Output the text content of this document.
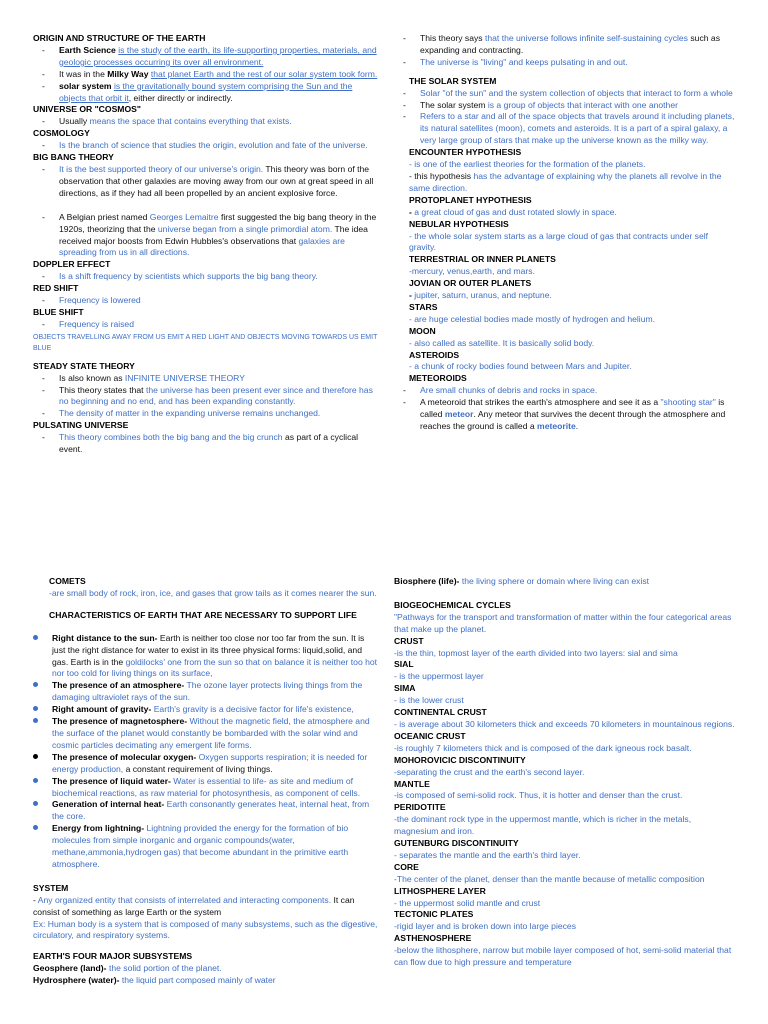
ORIGIN AND STRUCTURE OF THE EARTH
- Earth Science is the study of the earth, its life-supporting properties, materials, and geologic processes occurring its over all environment.
- It was in the Milky Way that planet Earth and the rest of our solar system took form.
- solar system is the gravitationally bound system comprising the Sun and the objects that orbit it, either directly or indirectly.
UNIVERSE OR "COSMOS"
- Usually means the space that contains everything that exists.
COSMOLOGY
- Is the branch of science that studies the origin, evolution and fate of the universe.
BIG BANG THEORY
- It is the best supported theory of our universe's origin. This theory was born of the observation that other galaxies are moving away from our own at great speed in all directions, as if they had all been propelled by an ancient explosive force.
- A Belgian priest named Georges Lemaitre first suggested the big bang theory in the 1920s, theorizing that the universe began from a single primordial atom. The idea received major boosts from Edwin Hubbles's observations that galaxies are spreading from us in all directions.
DOPPLER EFFECT
- Is a shift frequency by scientists which supports the big bang theory.
RED SHIFT
- Frequency is lowered
BLUE SHIFT
- Frequency is raised
OBJECTS TRAVELLING AWAY FROM US EMIT A RED LIGHT AND OBJECTS MOVING TOWARDS US EMIT BLUE
STEADY STATE THEORY
- Is also known as INFINITE UNIVERSE THEORY
- This theory states that the universe has been present ever since and therefore has no beginning and no end, and has been expanding constantly.
- The density of matter in the expanding universe remains unchanged.
PULSATING UNIVERSE
- This theory combines both the big bang and the big crunch as part of a cyclical event.
- This theory says that the universe follows infinite self-sustaining cycles such as expanding and contracting.
- The universe is "living" and keeps pulsating in and out.
THE SOLAR SYSTEM
- Solar "of the sun" and the system collection of objects that interact to form a whole
- The solar system is a group of objects that interact with one another
- Refers to a star and all of the space objects that travels around it including planets, its natural satellites (moon), comets and asteroids. It is a part of a spiral galaxy, a very large group of stars that make up the universe known as the milky way.
ENCOUNTER HYPOTHESIS
- is one of the earliest theories for the formation of the planets.
- this hypothesis has the advantage of explaining why the planets all revolve in the same direction.
PROTOPLANET HYPOTHESIS
- a great cloud of gas and dust rotated slowly in space.
NEBULAR HYPOTHESIS
- the whole solar system starts as a large cloud of gas that contracts under self gravity.
TERRESTRIAL OR INNER PLANETS
-mercury, venus,earth, and mars.
JOVIAN OR OUTER PLANETS
- jupiter, saturn, uranus, and neptune.
STARS
- are huge celestial bodies made mostly of hydrogen and helium.
MOON
- also called as satellite. It is basically solid body.
ASTEROIDS
- a chunk of rocky bodies found between Mars and Jupiter.
METEOROIDS
- Are small chunks of debris and rocks in space.
- A meteoroid that strikes the earth's atmosphere and see it as a "shooting star" is called meteor. Any meteor that survives the decent through the atmosphere and reaches the ground is called a meteorite.
COMETS
-are small body of rock, iron, ice, and gases that grow tails as it comes nearer the sun.
CHARACTERISTICS OF EARTH THAT ARE NECESSARY TO SUPPORT LIFE
Right distance to the sun- Earth is neither too close nor too far from the sun. It is just the right distance for water to exist in its three physical forms: liquid,solid, and gas. Earth is in the goldilocks' one from the sun so that on balance it is neither too hot nor too cold for living things on its surface,
The presence of an atmosphere- The ozone layer protects living things from the damaging ultraviolet rays of the sun.
Right amount of gravity- Earth's gravity is a decisive factor for life's existence,
The presence of magnetosphere- Without the magnetic field, the atmosphere and the surface of the planet would constantly be bombarded with the solar wind and cosmic particles decimating any emergent life forms.
The presence of molecular oxygen- Oxygen supports respiration; it is needed for energy production, a constant requirement of living things.
The presence of liquid water- Water is essential to life- as site and medium of biochemical reactions, as raw material for photosynthesis, as component of cells.
Generation of internal heat- Earth consonantly generates heat, internal heat, from the core.
Energy from lightning- Lightning provided the energy for the formation of bio molecules from simple inorganic and organic compounds(water, methane,ammonia,hydrogen gas) that become abundant in the primitive earth atmosphere.
SYSTEM
- Any organized entity that consists of interrelated and interacting components. It can consist of something as large Earth or the system
Ex: Human body is a system that is composed of many subsystems, such as the digestive, circulatory, and respiratory systems.
EARTH'S FOUR MAJOR SUBSYSTEMS
Geosphere (land)- the solid portion of the planet.
Hydrosphere (water)- the liquid part composed mainly of water
Biosphere (life)- the living sphere or domain where living can exist
BIOGEOCHEMICAL CYCLES
"Pathways for the transport and transformation of matter within the four categorical areas that make up the planet.
CRUST
-is the thin, topmost layer of the earth divided into two layers: sial and sima
SIAL
- is the uppermost layer
SIMA
- is the lower crust
CONTINENTAL CRUST
- is average about 30 kilometers thick and exceeds 70 kilometers in mountainous regions.
OCEANIC CRUST
-is roughly 7 kilometers thick and is composed of the dark igneous rock basalt.
MOHOROVICIC DISCONTINUITY
-separating the crust and the earth's second layer.
MANTLE
-is composed of semi-solid rock. Thus, it is hotter and denser than the crust.
PERIDOTITE
-the dominant rock type in the uppermost mantle, which is richer in the metals, magnesium and iron.
GUTENBURG DISCONTINUITY
- separates the mantle and the earth's third layer.
CORE
-The center of the planet, denser than the mantle because of metallic composition
LITHOSPHERE LAYER
- the uppermost solid mantle and crust
TECTONIC PLATES
-rigid layer and is broken down into large pieces
ASTHENOSPHERE
-below the lithosphere, narrow but mobile layer composed of hot, semi-solid material that can flow due to high pressure and temperature
